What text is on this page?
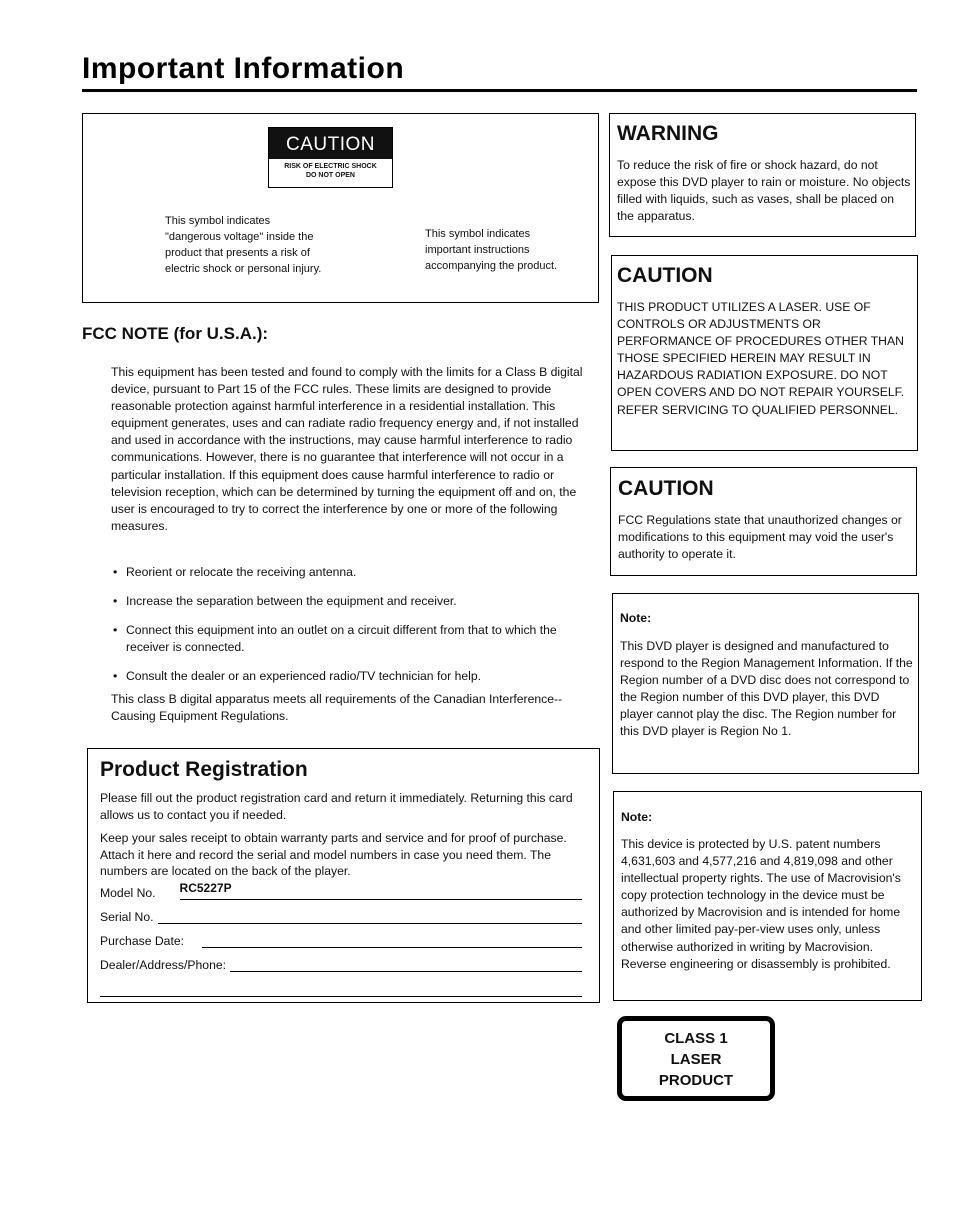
Important Information
CAUTION
RISK OF ELECTRIC SHOCK
DO NOT OPEN
This symbol indicates
"dangerous voltage" inside the
product that presents a risk of
electric shock or personal injury.
This symbol indicates
important instructions
accompanying the product.
FCC NOTE (for U.S.A.):
This equipment has been tested and found to comply with the limits for a Class B digital device, pursuant to Part 15 of the FCC rules. These limits are designed to provide reasonable protection against harmful interference in a residential installation. This equipment generates, uses and can radiate radio frequency energy and, if not installed and used in accordance with the instructions, may cause harmful interference to radio communications. However, there is no guarantee that interference will not occur in a particular installation. If this equipment does cause harmful interference to radio or television reception, which can be determined by turning the equipment off and on, the user is encouraged to try to correct the interference by one or more of the following measures.
• Reorient or relocate the receiving antenna.
• Increase the separation between the equipment and receiver.
• Connect this equipment into an outlet on a circuit different from that to which the receiver is connected.
• Consult the dealer or an experienced radio/TV technician for help.
This class B digital apparatus meets all requirements of the Canadian Interference--Causing Equipment Regulations.
Product Registration
Please fill out the product registration card and return it immediately. Returning this card allows us to contact you if needed.
Keep your sales receipt to obtain warranty parts and service and for proof of purchase. Attach it here and record the serial and model numbers in case you need them. The numbers are located on the back of the player.
Model No.	RC5227P
Serial No.
Purchase Date:
Dealer/Address/Phone:
WARNING
To reduce the risk of fire or shock hazard, do not expose this DVD player to rain or moisture. No objects filled with liquids, such as vases, shall be placed on the apparatus.
CAUTION
THIS PRODUCT UTILIZES A LASER. USE OF CONTROLS OR ADJUSTMENTS OR PERFORMANCE OF PROCEDURES OTHER THAN THOSE SPECIFIED HEREIN MAY RESULT IN HAZARDOUS RADIATION EXPOSURE. DO NOT OPEN COVERS AND DO NOT REPAIR YOURSELF. REFER SERVICING TO QUALIFIED PERSONNEL.
CAUTION
FCC Regulations state that unauthorized changes or modifications to this equipment may void the user's authority to operate it.
Note:
This DVD player is designed and manufactured to respond to the Region Management Information. If the Region number of a DVD disc does not correspond to the Region number of this DVD player, this DVD player cannot play the disc. The Region number for this DVD player is Region No 1.
Note:
This device is protected by U.S. patent numbers 4,631,603 and 4,577,216 and 4,819,098 and other intellectual property rights. The use of Macrovision's copy protection technology in the device must be authorized by Macrovision and is intended for home and other limited pay-per-view uses only, unless otherwise authorized in writing by Macrovision. Reverse engineering or disassembly is prohibited.
CLASS 1
LASER
PRODUCT
